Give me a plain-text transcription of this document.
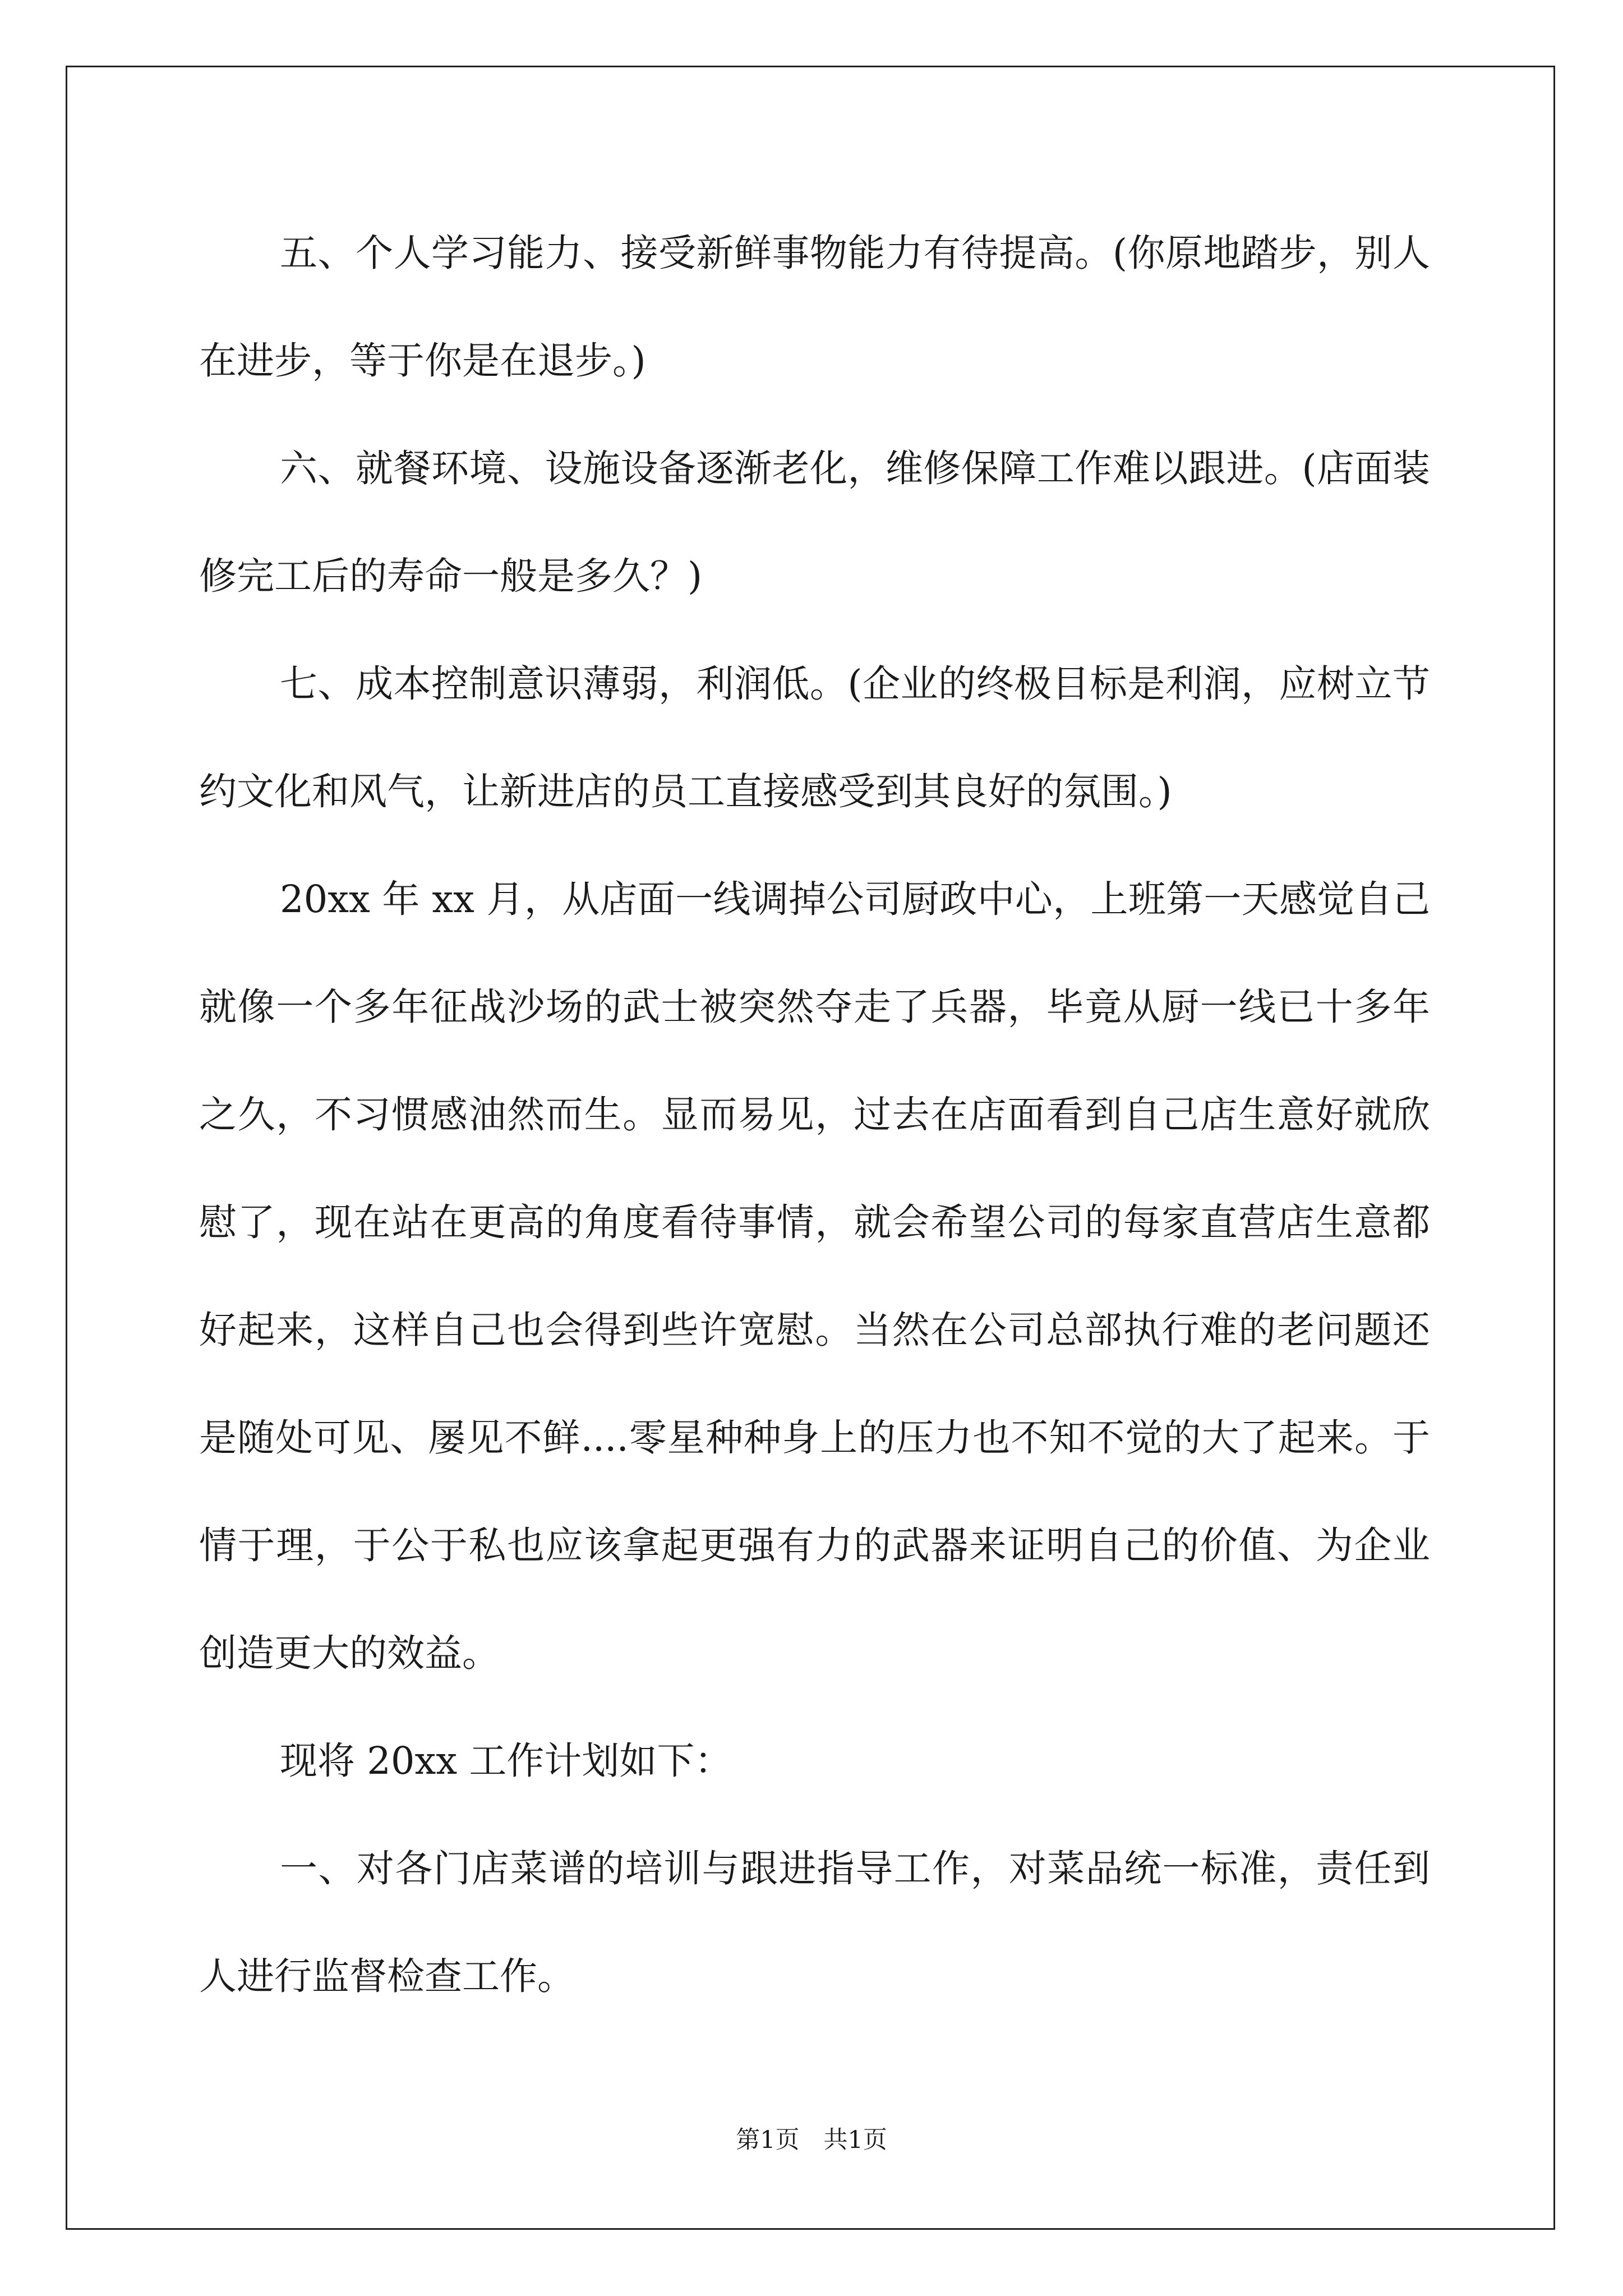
五、个人学习能力、接受新鲜事物能力有待提高。(你原地踏步，别人在进步，等于你是在退步。)

六、就餐环境、设施设备逐渐老化，维修保障工作难以跟进。(店面装修完工后的寿命一般是多久？)

七、成本控制意识薄弱，利润低。(企业的终极目标是利润，应树立节约文化和风气，让新进店的员工直接感受到其良好的氛围。)

20xx 年 xx 月，从店面一线调掉公司厨政中心，上班第一天感觉自己就像一个多年征战沙场的武士被突然夺走了兵器，毕竟从厨一线已十多年之久，不习惯感油然而生。显而易见，过去在店面看到自己店生意好就欣慰了，现在站在更高的角度看待事情，就会希望公司的每家直营店生意都好起来，这样自己也会得到些许宽慰。当然在公司总部执行难的老问题还是随处可见、屡见不鲜....零星种种身上的压力也不知不觉的大了起来。于情于理，于公于私也应该拿起更强有力的武器来证明自己的价值、为企业创造更大的效益。

现将 20xx 工作计划如下：

一、对各门店菜谱的培训与跟进指导工作，对菜品统一标准，责任到人进行监督检查工作。

第1页　共1页
